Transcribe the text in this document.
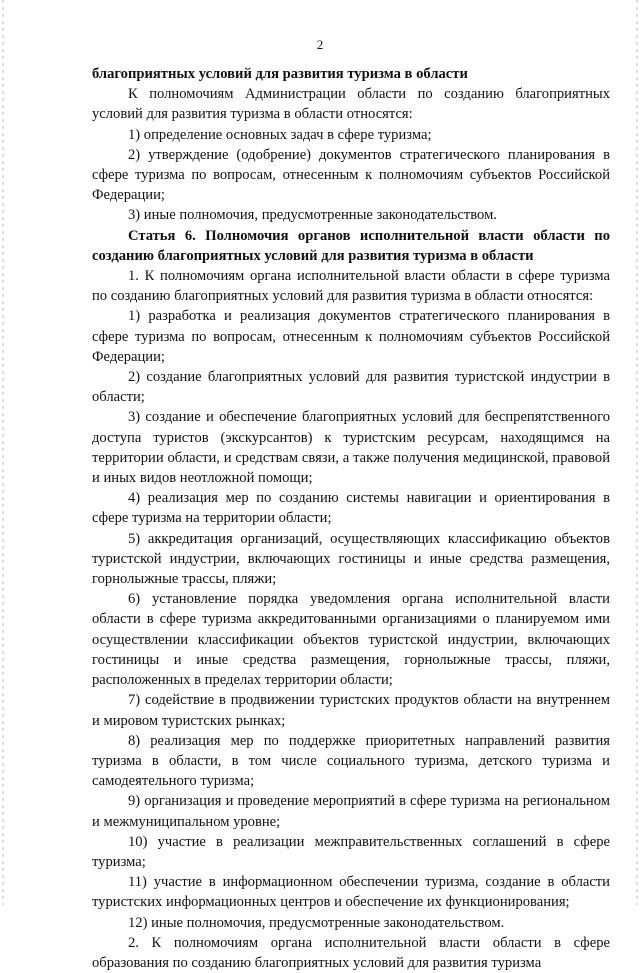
2

благоприятных условий для развития туризма в области

К полномочиям Администрации области по созданию благоприятных условий для развития туризма в области относятся:

1) определение основных задач в сфере туризма;

2) утверждение (одобрение) документов стратегического планирования в сфере туризма по вопросам, отнесенным к полномочиям субъектов Российской Федерации;

3) иные полномочия, предусмотренные законодательством.

Статья 6. Полномочия органов исполнительной власти области по созданию благоприятных условий для развития туризма в области

1. К полномочиям органа исполнительной власти области в сфере туризма по созданию благоприятных условий для развития туризма в области относятся:

1) разработка и реализация документов стратегического планирования в сфере туризма по вопросам, отнесенным к полномочиям субъектов Российской Федерации;

2) создание благоприятных условий для развития туристской индустрии в области;

3) создание и обеспечение благоприятных условий для беспрепятственного доступа туристов (экскурсантов) к туристским ресурсам, находящимся на территории области, и средствам связи, а также получения медицинской, правовой и иных видов неотложной помощи;

4) реализация мер по созданию системы навигации и ориентирования в сфере туризма на территории области;

5) аккредитация организаций, осуществляющих классификацию объектов туристской индустрии, включающих гостиницы и иные средства размещения, горнолыжные трассы, пляжи;

6) установление порядка уведомления органа исполнительной власти области в сфере туризма аккредитованными организациями о планируемом ими осуществлении классификации объектов туристской индустрии, включающих гостиницы и иные средства размещения, горнолыжные трассы, пляжи, расположенных в пределах территории области;

7) содействие в продвижении туристских продуктов области на внутреннем и мировом туристских рынках;

8) реализация мер по поддержке приоритетных направлений развития туризма в области, в том числе социального туризма, детского туризма и самодеятельного туризма;

9) организация и проведение мероприятий в сфере туризма на региональном и межмуниципальном уровне;

10) участие в реализации межправительственных соглашений в сфере туризма;

11) участие в информационном обеспечении туризма, создание в области туристских информационных центров и обеспечение их функционирования;

12) иные полномочия, предусмотренные законодательством.

2. К полномочиям органа исполнительной власти области в сфере образования по созданию благоприятных условий для развития туризма
